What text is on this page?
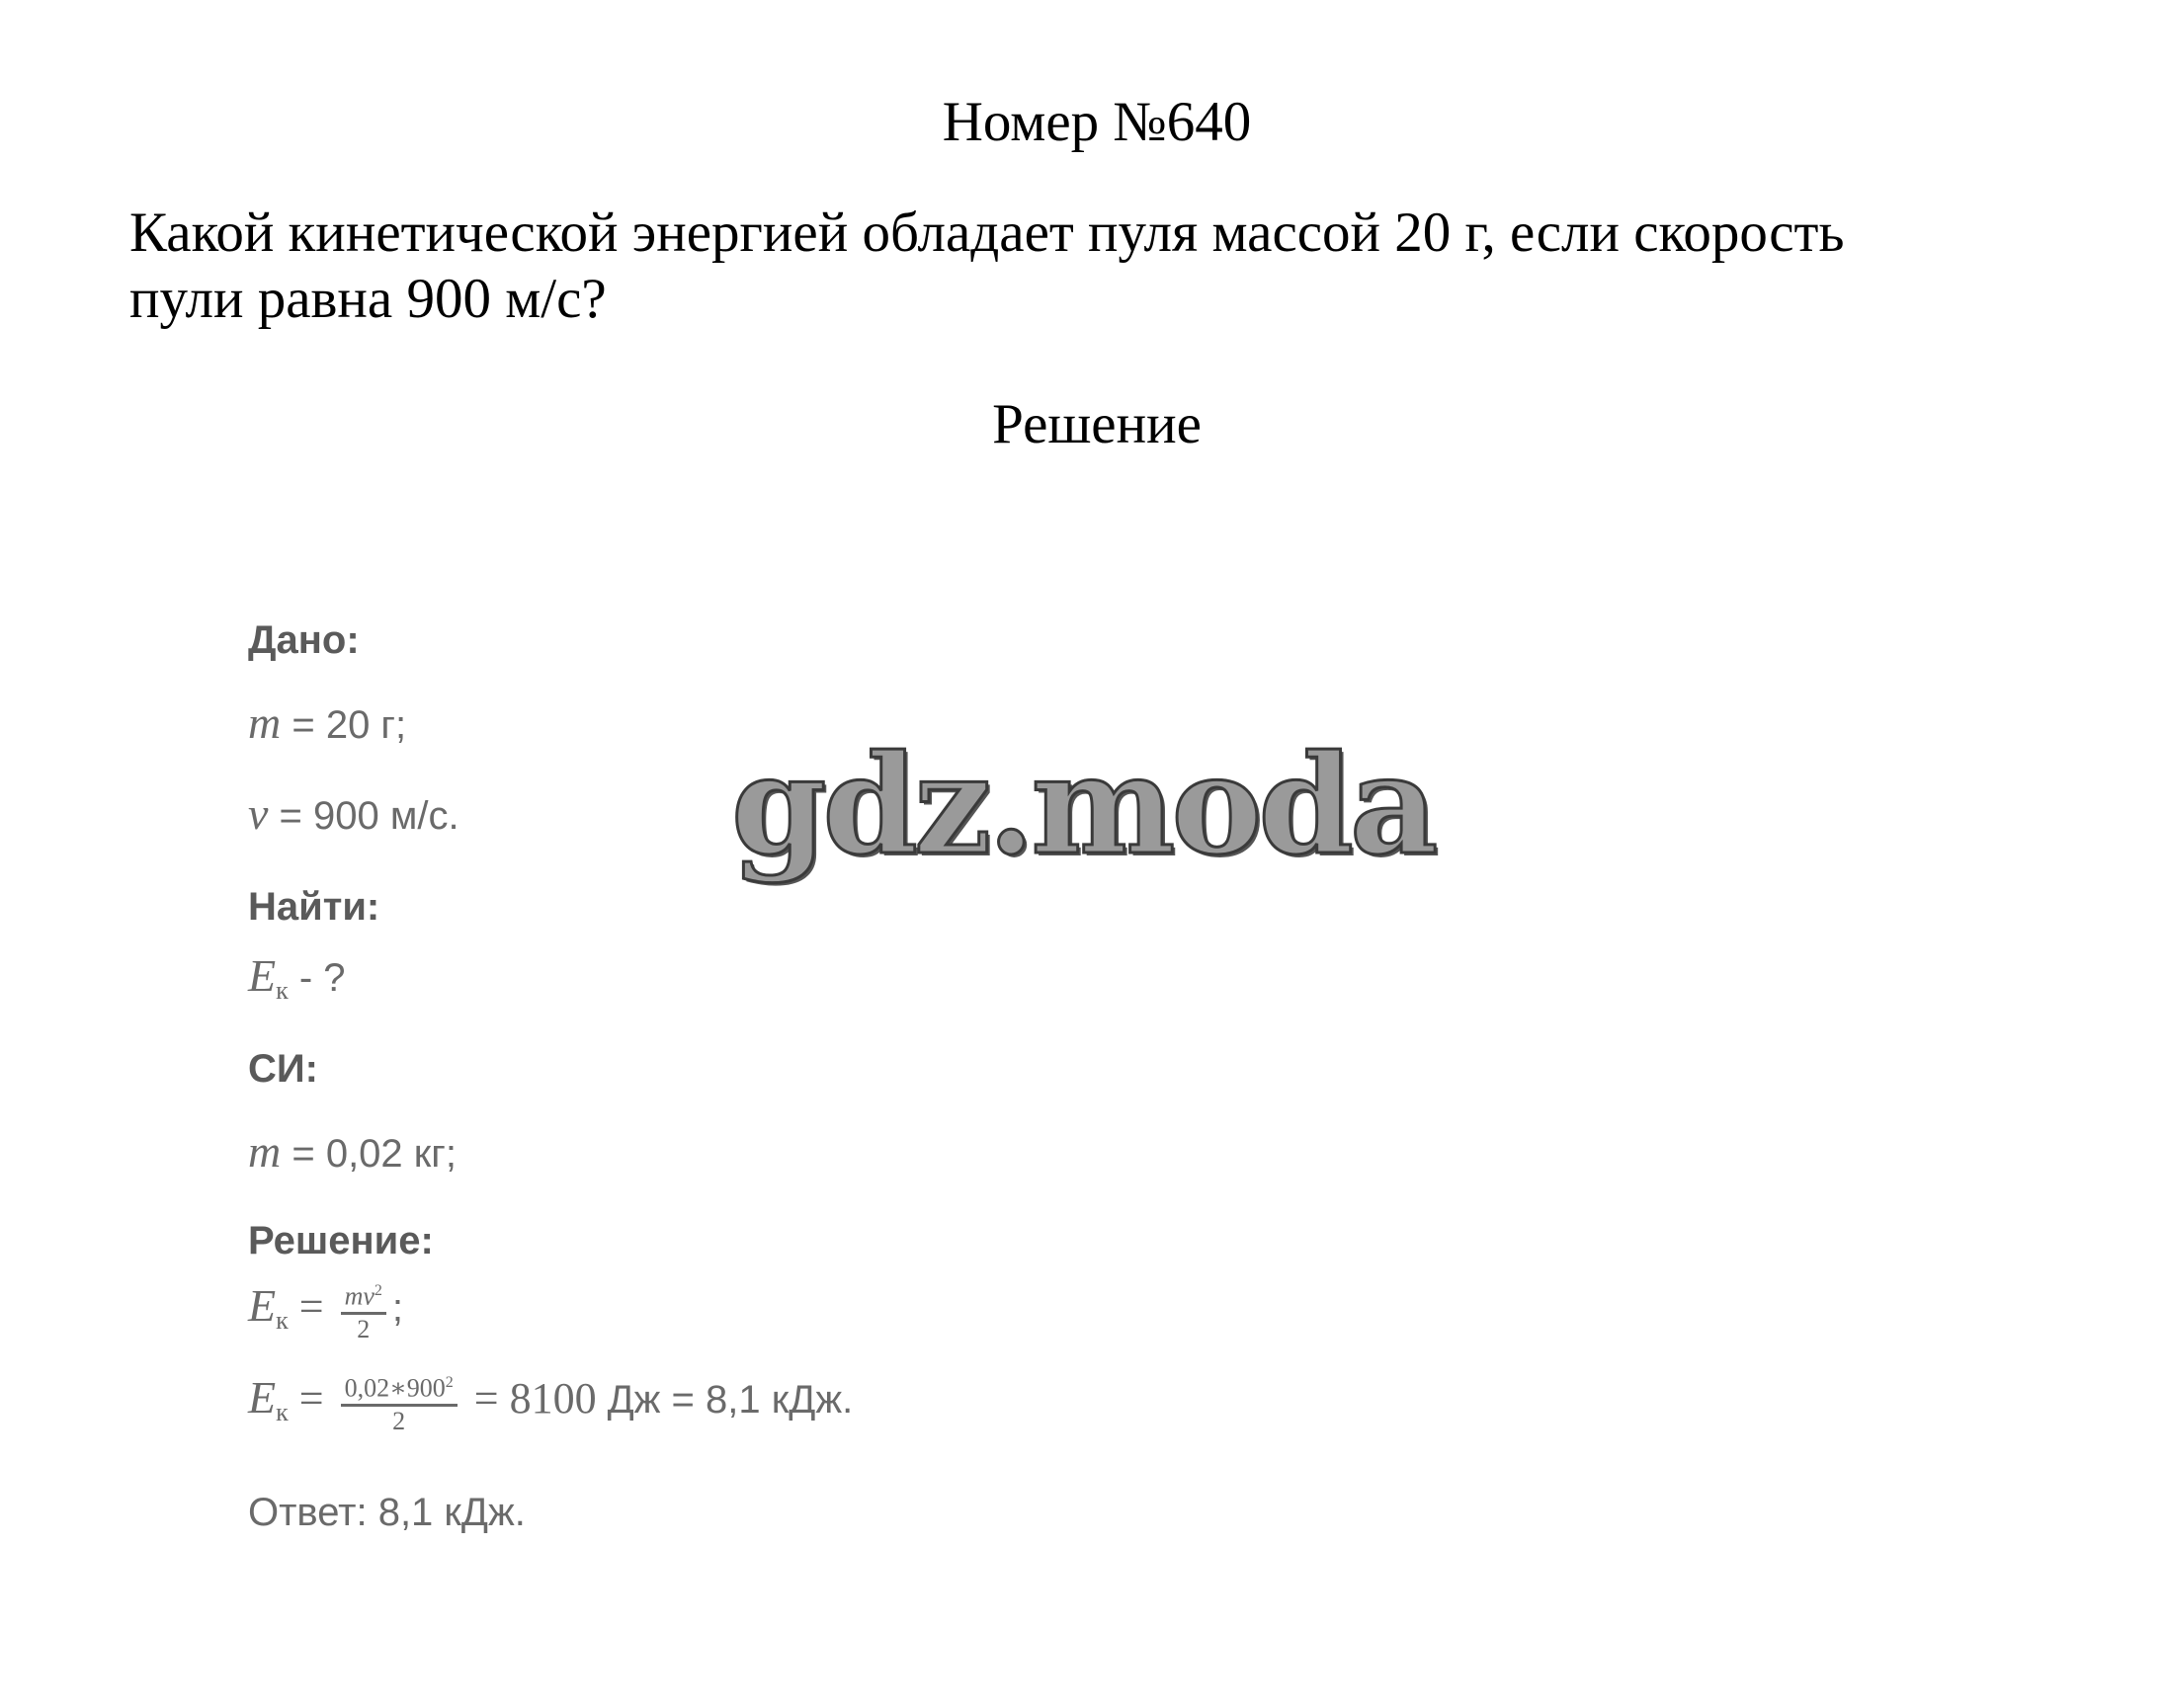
Номер №640
Какой кинетической энергией обладает пуля массой 20 г, если скорость
пули равна 900 м/с?
Решение
Дано:
m = 20 г;
v = 900 м/с.
Найти:
$E_к$ - ?
СИ:
m = 0,02 кг;
Решение:
$E_к = \frac{mv^2}{2}$ ;
$E_к = \frac{0,02∗900^2}{2} = 8100$ Дж = 8,1 кДж.
Ответ: 8,1 кДж.
gdz.moda
